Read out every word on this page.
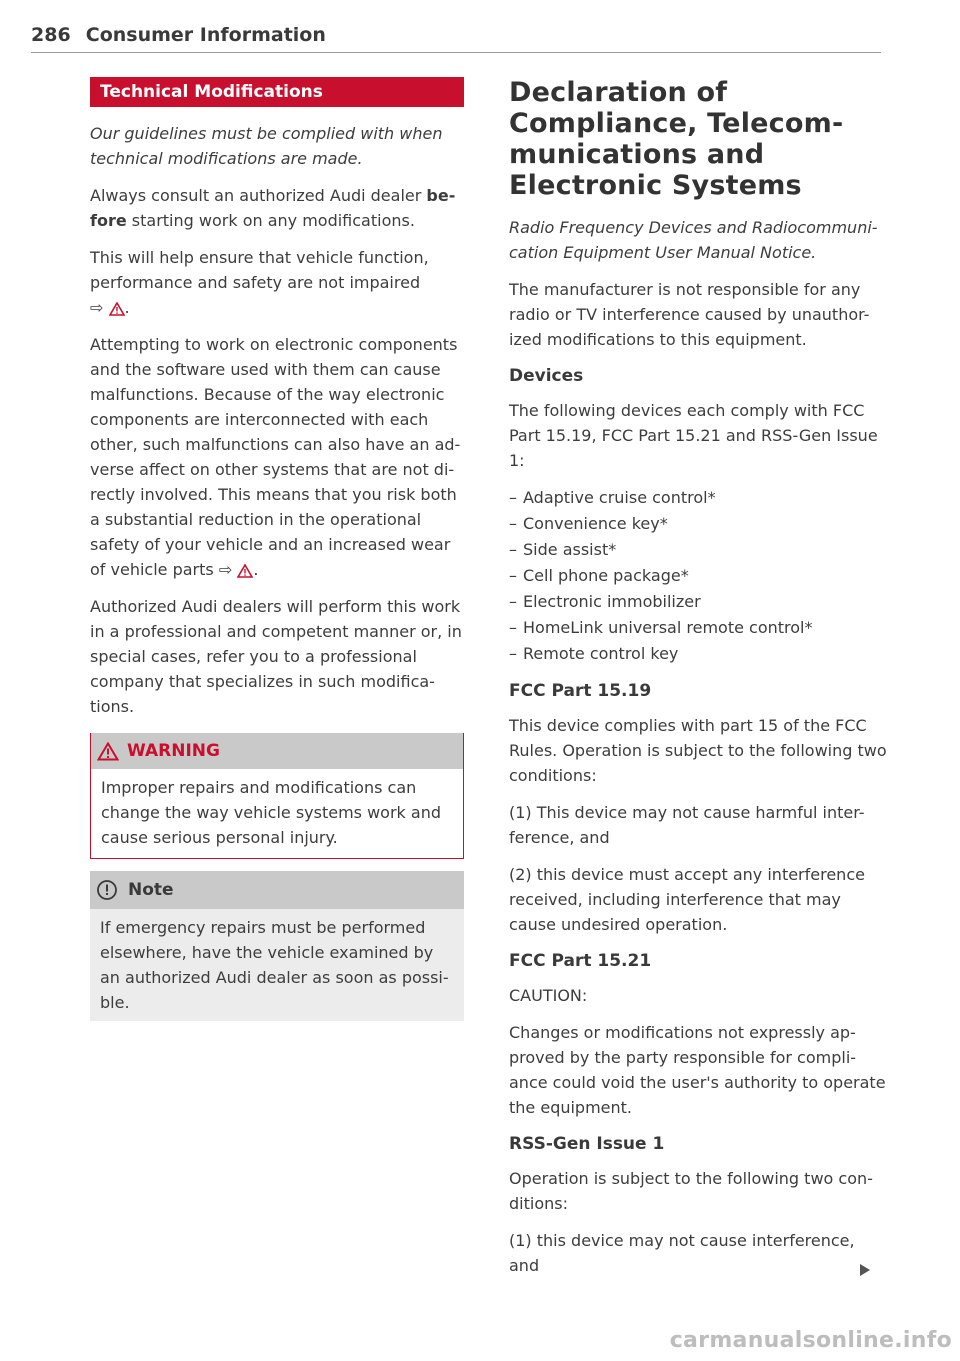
286 Consumer Information
Technical Modifications

Our guidelines must be complied with when technical modifications are made.

Always consult an authorized Audi dealer be-fore starting work on any modifications.

This will help ensure that vehicle function, performance and safety are not impaired
⇨ .

Attempting to work on electronic components and the software used with them can cause malfunctions. Because of the way electronic components are interconnected with each other, such malfunctions can also have an ad-verse affect on other systems that are not di-rectly involved. This means that you risk both a substantial reduction in the operational safety of your vehicle and an increased wear of vehicle parts ⇨ .

Authorized Audi dealers will perform this work in a professional and competent manner or, in special cases, refer you to a professional company that specializes in such modifica-tions.

WARNING

Improper repairs and modifications can change the way vehicle systems work and cause serious personal injury.

Note

If emergency repairs must be performed elsewhere, have the vehicle examined by an authorized Audi dealer as soon as possi-ble.

Declaration of Compliance, Telecom-munications and Electronic Systems

Radio Frequency Devices and Radiocommuni-cation Equipment User Manual Notice.

The manufacturer is not responsible for any radio or TV interference caused by unauthor-ized modifications to this equipment.

Devices

The following devices each comply with FCC Part 15.19, FCC Part 15.21 and RSS-Gen Issue 1:

– Adaptive cruise control*
– Convenience key*
– Side assist*
– Cell phone package*
– Electronic immobilizer
– HomeLink universal remote control*
– Remote control key
FCC Part 15.19

This device complies with part 15 of the FCC Rules. Operation is subject to the following two conditions:

(1) This device may not cause harmful inter-ference, and

(2) this device must accept any interference received, including interference that may cause undesired operation.

FCC Part 15.21

CAUTION:

Changes or modifications not expressly ap-proved by the party responsible for compli-ance could void the user's authority to operate the equipment.

RSS-Gen Issue 1

Operation is subject to the following two con-ditions:

(1) this device may not cause interference, and

carmanualsonline.info
